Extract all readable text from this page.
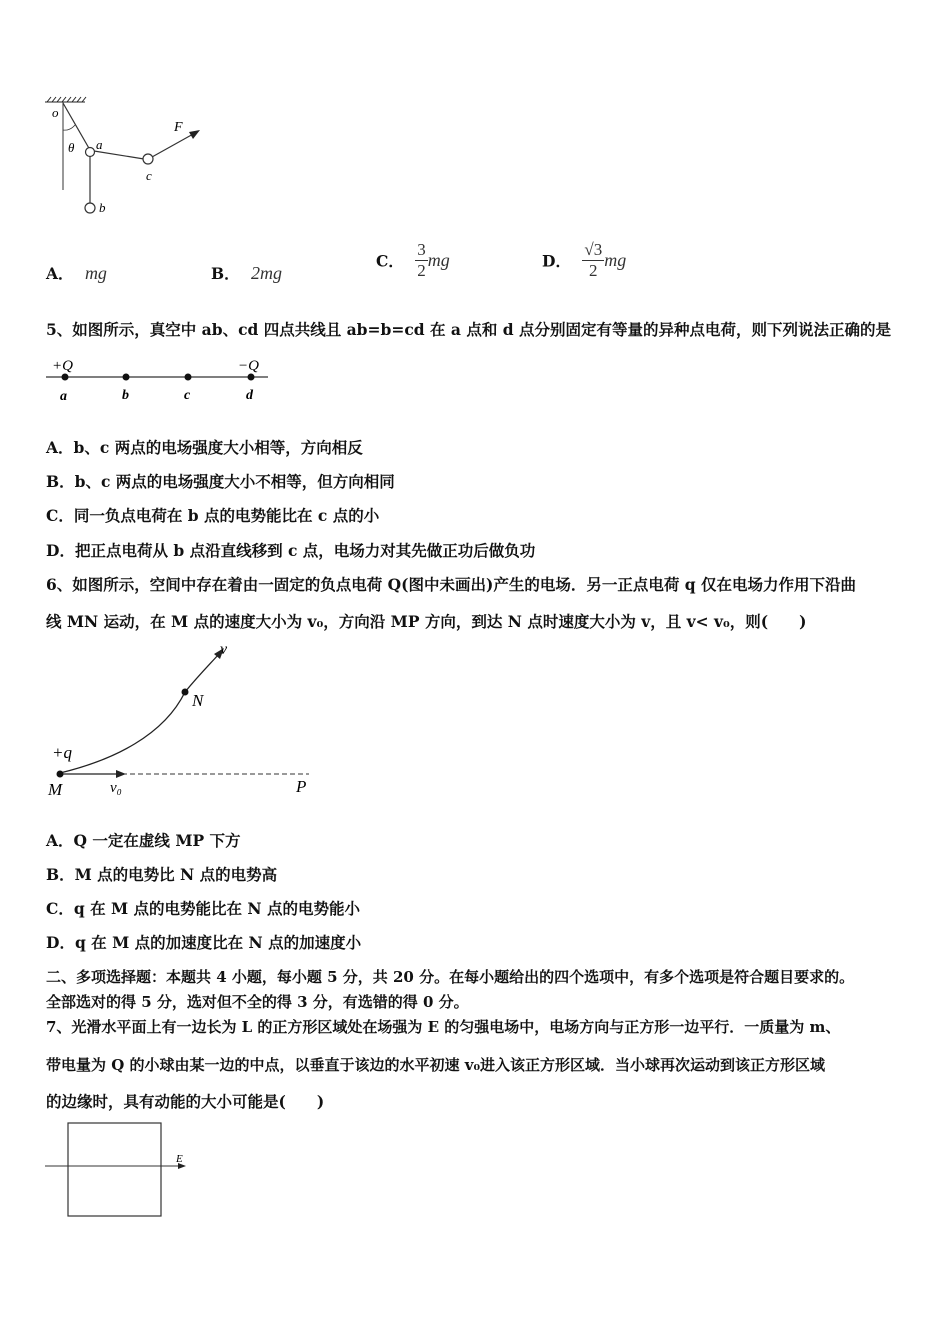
o
θ a
b
c
F
A． mg	B． 2mg
C． $\frac{3}{2}$ mg	D． $\frac{√3}{2}$ mg
5、如图所示，真空中 ab、cd 四点共线且 ab=b=cd 在 a 点和 d 点分别固定有等量的异种点电荷，则下列说法正确的是
+Q	−Q
a	b	c	d
A．b、c 两点的电场强度大小相等，方向相反
B．b、c 两点的电场强度大小不相等，但方向相同
C．同一负点电荷在 b 点的电势能比在 c 点的小
D．把正点电荷从 b 点沿直线移到 c 点，电场力对其先做正功后做负功
6、如图所示，空间中存在着由一固定的负点电荷 Q(图中未画出)产生的电场．另一正点电荷 q 仅在电场力作用下沿曲
线 MN 运动，在 M 点的速度大小为 v₀，方向沿 MP 方向，到达 N 点时速度大小为 v，且 v< v₀，则(　　)
v
N
+q
M	v₀	P
A．Q 一定在虚线 MP 下方
B．M 点的电势比 N 点的电势高
C．q 在 M 点的电势能比在 N 点的电势能小
D．q 在 M 点的加速度比在 N 点的加速度小
二、多项选择题：本题共 4 小题，每小题 5 分，共 20 分。在每小题给出的四个选项中，有多个选项是符合题目要求的。
全部选对的得 5 分，选对但不全的得 3 分，有选错的得 0 分。
7、光滑水平面上有一边长为 L 的正方形区域处在场强为 E 的匀强电场中，电场方向与正方形一边平行．一质量为 m、
带电量为 Q 的小球由某一边的中点，以垂直于该边的水平初速 v₀进入该正方形区域．当小球再次运动到该正方形区域
的边缘时，具有动能的大小可能是(　　)
E
